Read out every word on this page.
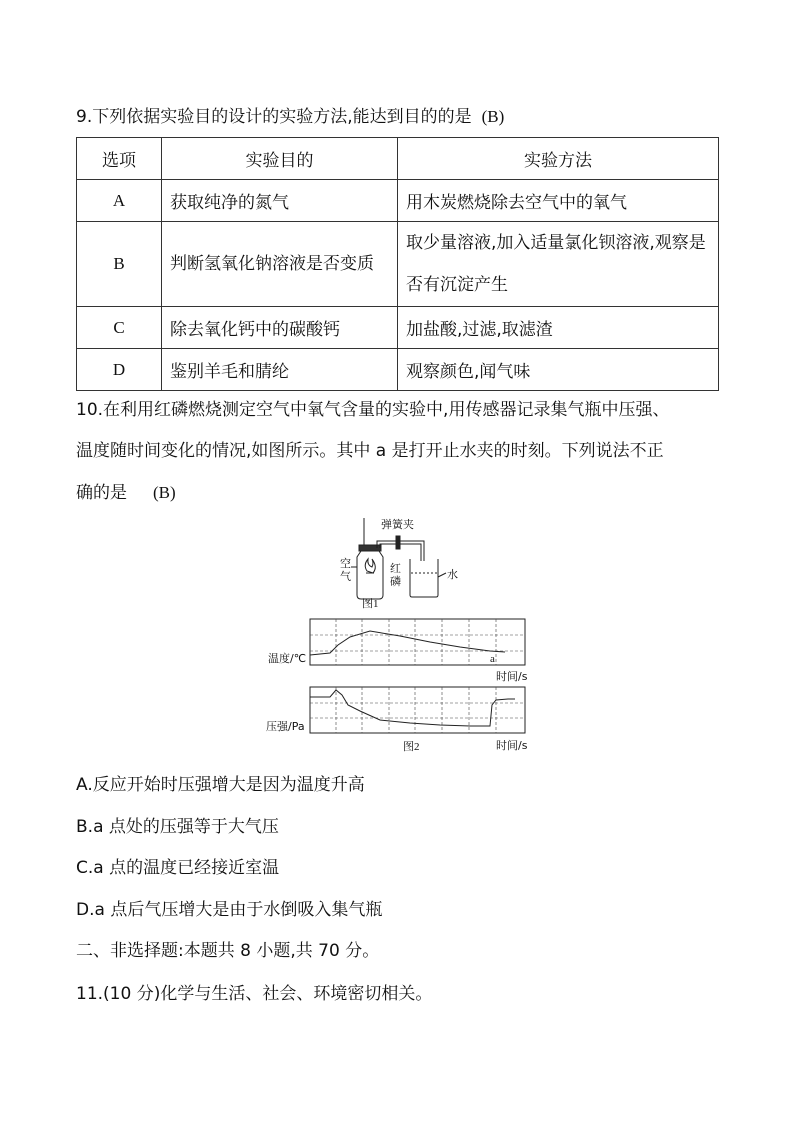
9.下列依据实验目的设计的实验方法,能达到目的的是 (B)
选项	实验目的	实验方法
A	获取纯净的氮气	用木炭燃烧除去空气中的氧气
B	判断氢氧化钠溶液是否变质	取少量溶液,加入适量氯化钡溶液,观察是否有沉淀产生
C	除去氧化钙中的碳酸钙	加盐酸,过滤,取滤渣
D	鉴别羊毛和腈纶	观察颜色,闻气味
10.在利用红磷燃烧测定空气中氧气含量的实验中,用传感器记录集气瓶中压强、
温度随时间变化的情况,如图所示。其中 a 是打开止水夹的时刻。下列说法不正
确的是 (B)
弹簧夹
空
气
红
磷
水
图1
温度/℃	a
时间/s
压强/Pa
图2	时间/s
A.反应开始时压强增大是因为温度升高
B.a 点处的压强等于大气压
C.a 点的温度已经接近室温
D.a 点后气压增大是由于水倒吸入集气瓶
二、非选择题:本题共 8 小题,共 70 分。
11.(10 分)化学与生活、社会、环境密切相关。
